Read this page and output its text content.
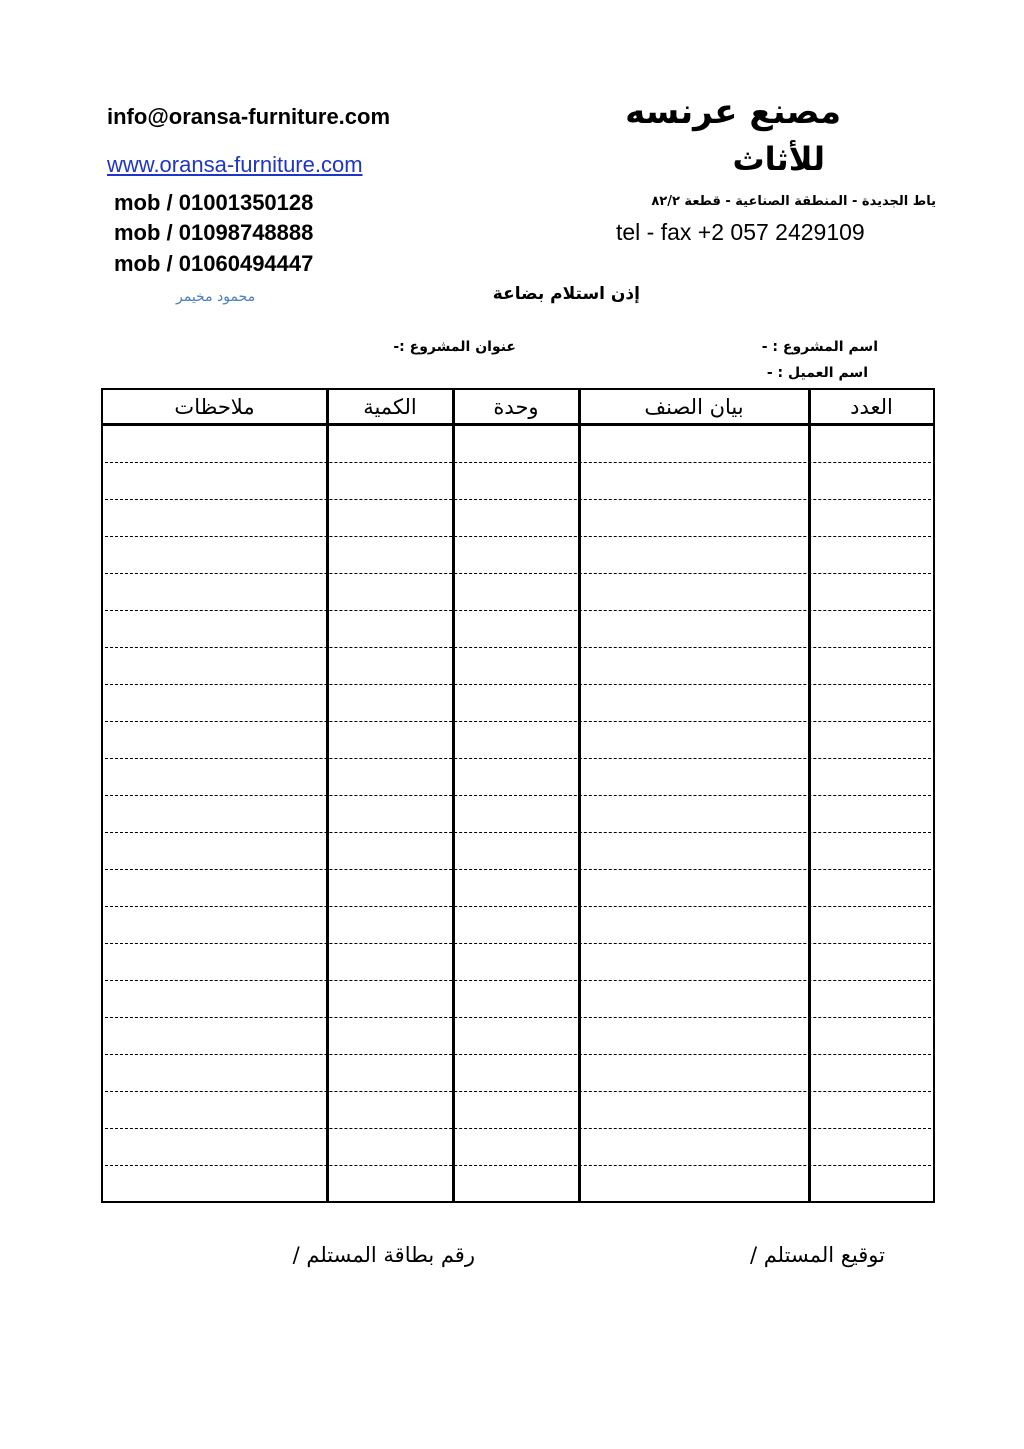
info@oransa-furniture.com
www.oransa-furniture.com
mob / 01001350128
mob / 01098748888
mob / 01060494447
محمود مخيمر
مصنع عرنسه
للأثاث
ياط الجديدة - المنطقة الصناعية - قطعة ٨٢/٢
tel - fax +2 057 2429109
إذن استلام بضاعة
عنوان المشروع :-	اسم المشروع : -
اسم العميل : -
العدد
بيان الصنف
وحدة
الكمية
ملاحظات
توقيع المستلم /
رقم بطاقة المستلم /
